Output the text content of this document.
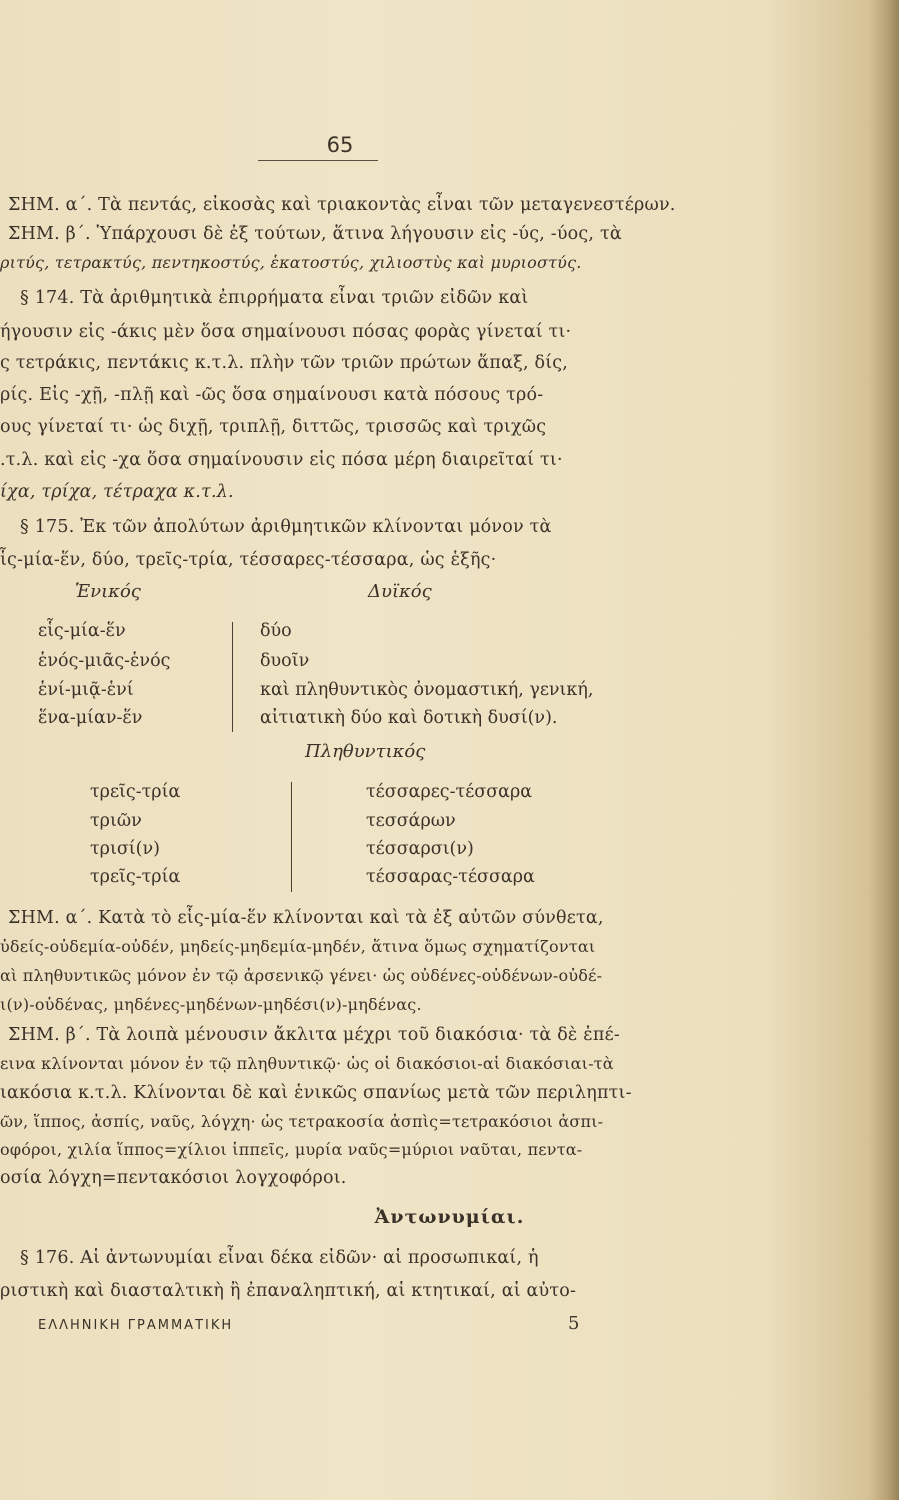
65
ΣΗΜ. α΄. Τὰ πεντάς, εἰκοσὰς καὶ τριακοντὰς εἶναι τῶν μεταγενεστέρων.
ΣΗΜ. β΄. Ὑπάρχουσι δὲ ἐξ τούτων, ἅτινα λήγουσιν εἰς -ύς, -ύος, τὰ
ριτύς, τετρακτύς, πεντηκοστύς, ἑκατοστύς, χιλιοστὺς καὶ μυριοστύς.
§ 174. Τὰ ἀριθμητικὰ ἐπιρρήματα εἶναι τριῶν εἰδῶν καὶ
ήγουσιν εἰς -άκις μὲν ὅσα σημαίνουσι πόσας φορὰς γίνεταί τι·
ς τετράκις, πεντάκις κ.τ.λ. πλὴν τῶν τριῶν πρώτων ἅπαξ, δίς,
ρίς. Εἰς -χῇ, -πλῇ καὶ -ῶς ὅσα σημαίνουσι κατὰ πόσους τρό-
ους γίνεταί τι· ὡς διχῇ, τριπλῇ, διττῶς, τρισσῶς καὶ τριχῶς
.τ.λ. καὶ εἰς -χα ὅσα σημαίνουσιν εἰς πόσα μέρη διαιρεῖταί τι·
ίχα, τρίχα, τέτραχα κ.τ.λ.
§ 175. Ἐκ τῶν ἀπολύτων ἀριθμητικῶν κλίνονται μόνον τὰ
ἷς-μία-ἕν, δύο, τρεῖς-τρία, τέσσαρες-τέσσαρα, ὡς ἑξῆς·
Ἑνικός	Δυϊκός
εἷς-μία-ἕν
ἑνός-μιᾶς-ἑνός
ἑνί-μιᾷ-ἑνί
ἕνα-μίαν-ἕν
δύο
δυοῖν
καὶ πληθυντικὸς ὀνομαστική, γενική,
αἰτιατικὴ δύο καὶ δοτικὴ δυσί(ν).
Πληθυντικός
τρεῖς-τρία
τριῶν
τρισί(ν)
τρεῖς-τρία
τέσσαρες-τέσσαρα
τεσσάρων
τέσσαρσι(ν)
τέσσαρας-τέσσαρα
ΣΗΜ. α΄. Κατὰ τὸ εἷς-μία-ἕν κλίνονται καὶ τὰ ἐξ αὐτῶν σύνθετα,
ὐδείς-οὐδεμία-οὐδέν, μηδείς-μηδεμία-μηδέν, ἅτινα ὅμως σχηματίζονται
αὶ πληθυντικῶς μόνον ἐν τῷ ἀρσενικῷ γένει· ὡς οὐδένες-οὐδένων-οὐδέ-
ι(ν)-οὐδένας, μηδένες-μηδένων-μηδέσι(ν)-μηδένας.
ΣΗΜ. β΄. Τὰ λοιπὰ μένουσιν ἄκλιτα μέχρι τοῦ διακόσια· τὰ δὲ ἐπέ-
εινα κλίνονται μόνον ἐν τῷ πληθυντικῷ· ὡς οἱ διακόσιοι-αἱ διακόσιαι-τὰ
ιακόσια κ.τ.λ. Κλίνονται δὲ καὶ ἑνικῶς σπανίως μετὰ τῶν περιληπτι-
ῶν, ἵππος, ἀσπίς, ναῦς, λόγχη· ὡς τετρακοσία ἀσπὶς=τετρακόσιοι ἀσπι-
οφόροι, χιλία ἵππος=χίλιοι ἱππεῖς, μυρία ναῦς=μύριοι ναῦται, πεντα-
οσία λόγχη=πεντακόσιοι λογχοφόροι.
Ἀντωνυμίαι.
§ 176. Αἱ ἀντωνυμίαι εἶναι δέκα εἰδῶν· αἱ προσωπικαί, ἡ
ριστικὴ καὶ διασταλτικὴ ἢ ἐπαναληπτική, αἱ κτητικαί, αἱ αὐτο-
ΕΛΛΗΝΙΚΗ ΓΡΑΜΜΑΤΙΚΗ	5
